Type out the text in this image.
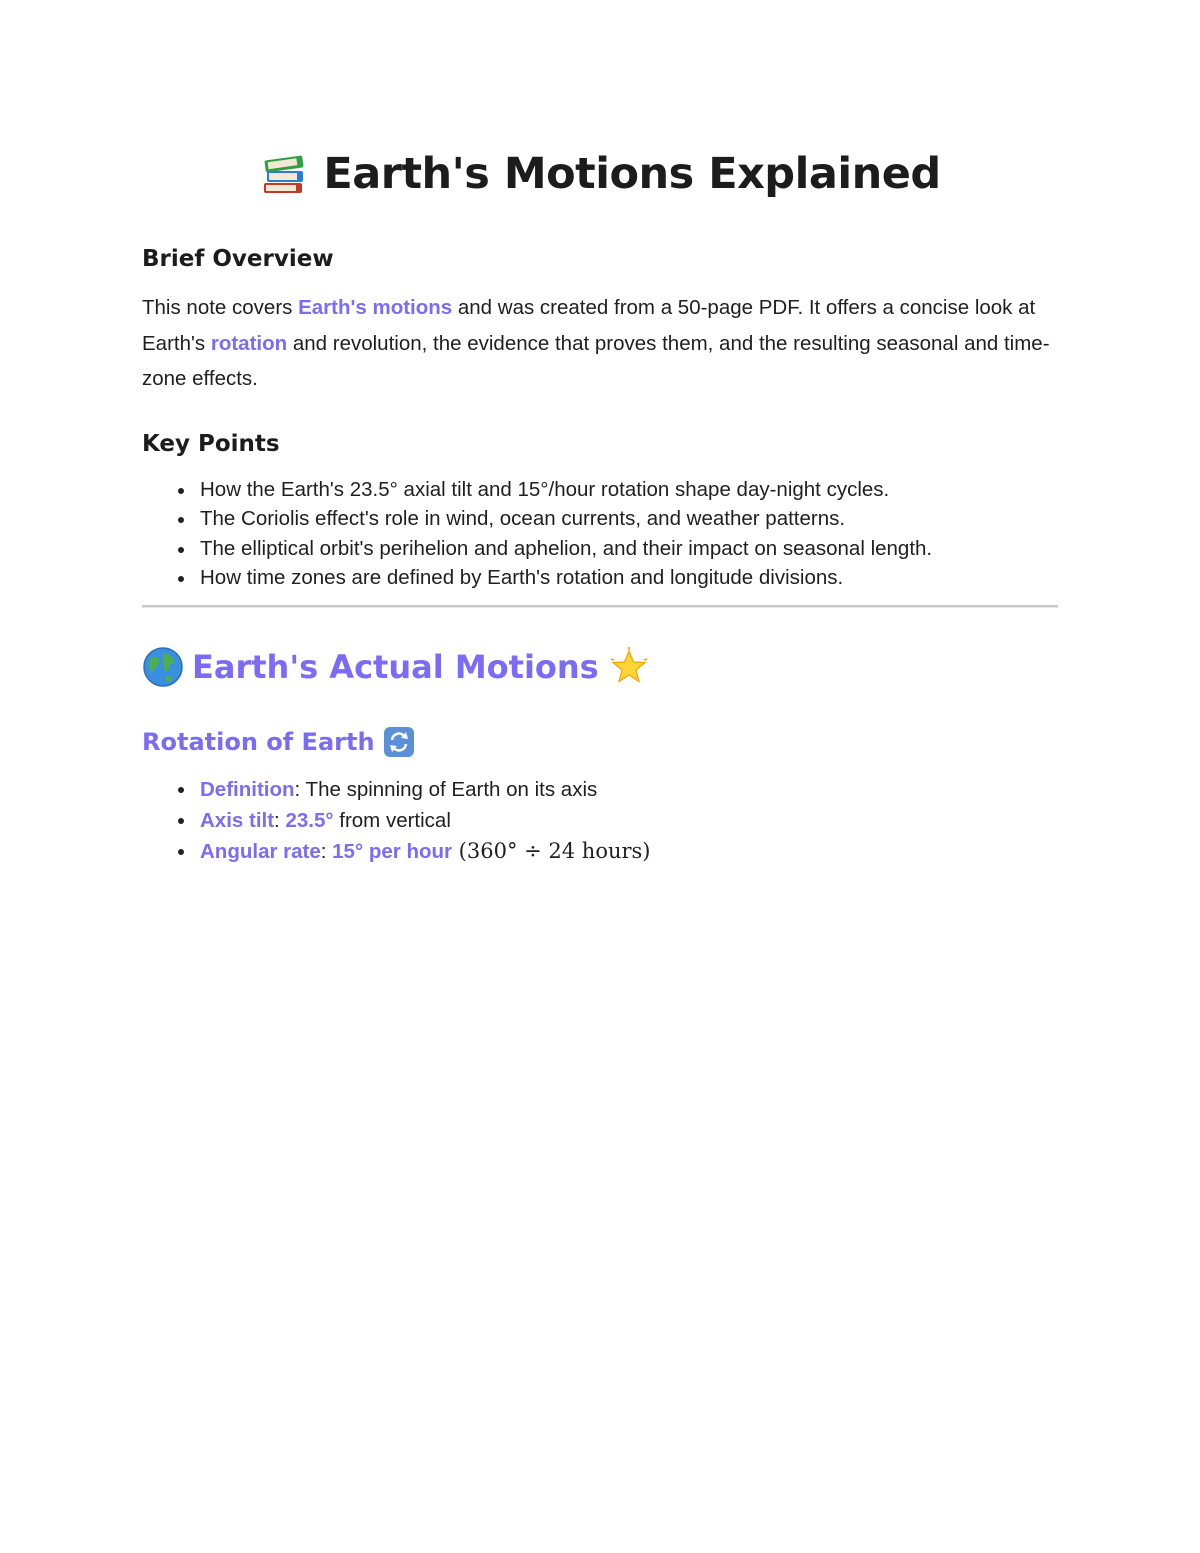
Earth's Motions Explained
Brief Overview

This note covers Earth's motions and was created from a 50-page PDF. It offers a concise look at Earth's rotation and revolution, the evidence that proves them, and the resulting seasonal and time-zone effects.

Key Points
How the Earth's 23.5° axial tilt and 15°/hour rotation shape day-night cycles.
The Coriolis effect's role in wind, ocean currents, and weather patterns.
The elliptical orbit's perihelion and aphelion, and their impact on seasonal length.
How time zones are defined by Earth's rotation and longitude divisions.
Earth's Actual Motions
Rotation of Earth
Definition: The spinning of Earth on its axis
Axis tilt: 23.5° from vertical
Angular rate: 15° per hour (360° ÷ 24 hours)
